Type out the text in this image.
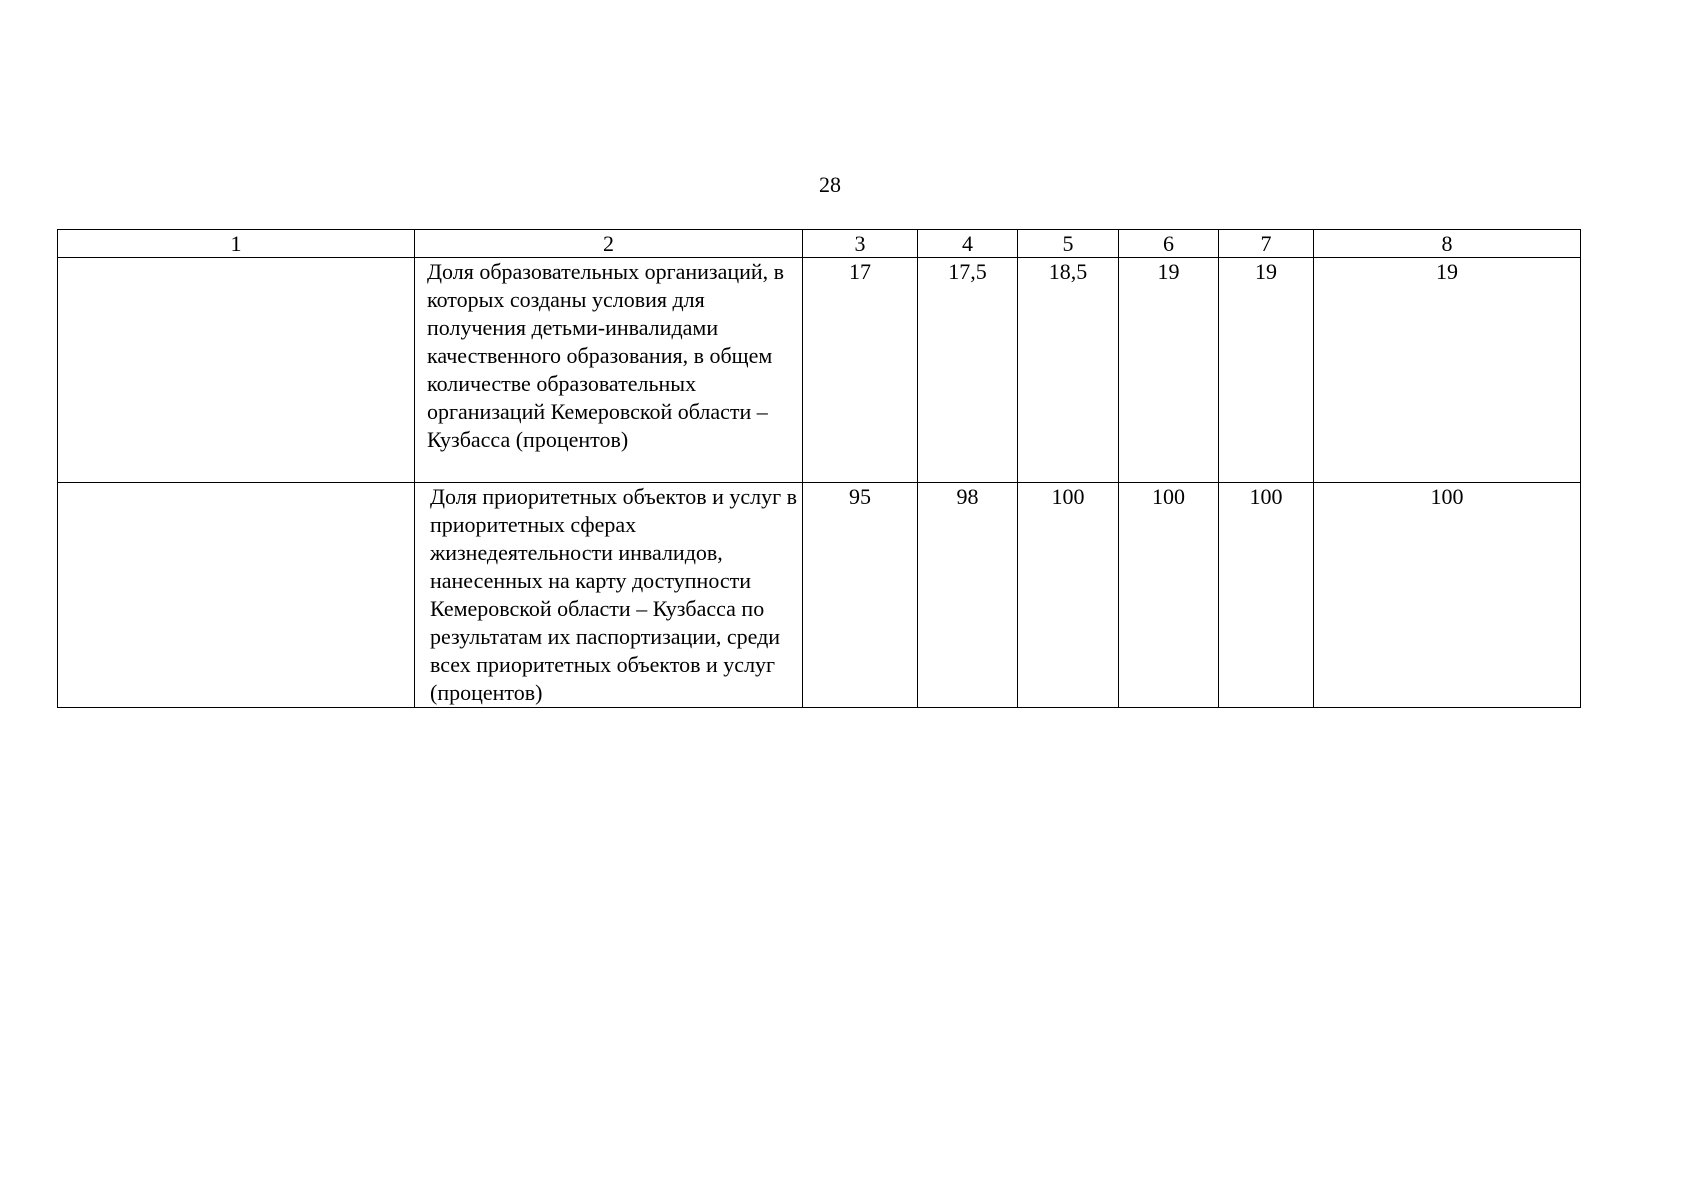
28
1	2	3	4	5	6	7	8
	Доля образовательных организаций, в которых созданы условия для получения детьми-инвалидами качественного образования, в общем количестве образовательных организаций Кемеровской области – Кузбасса (процентов)	17	17,5	18,5	19	19	19
	Доля приоритетных объектов и услуг в приоритетных сферах жизнедеятельности инвалидов, нанесенных на карту доступности Кемеровской области – Кузбасса по результатам их паспортизации, среди всех приоритетных объектов и услуг (процентов)	95	98	100	100	100	100
